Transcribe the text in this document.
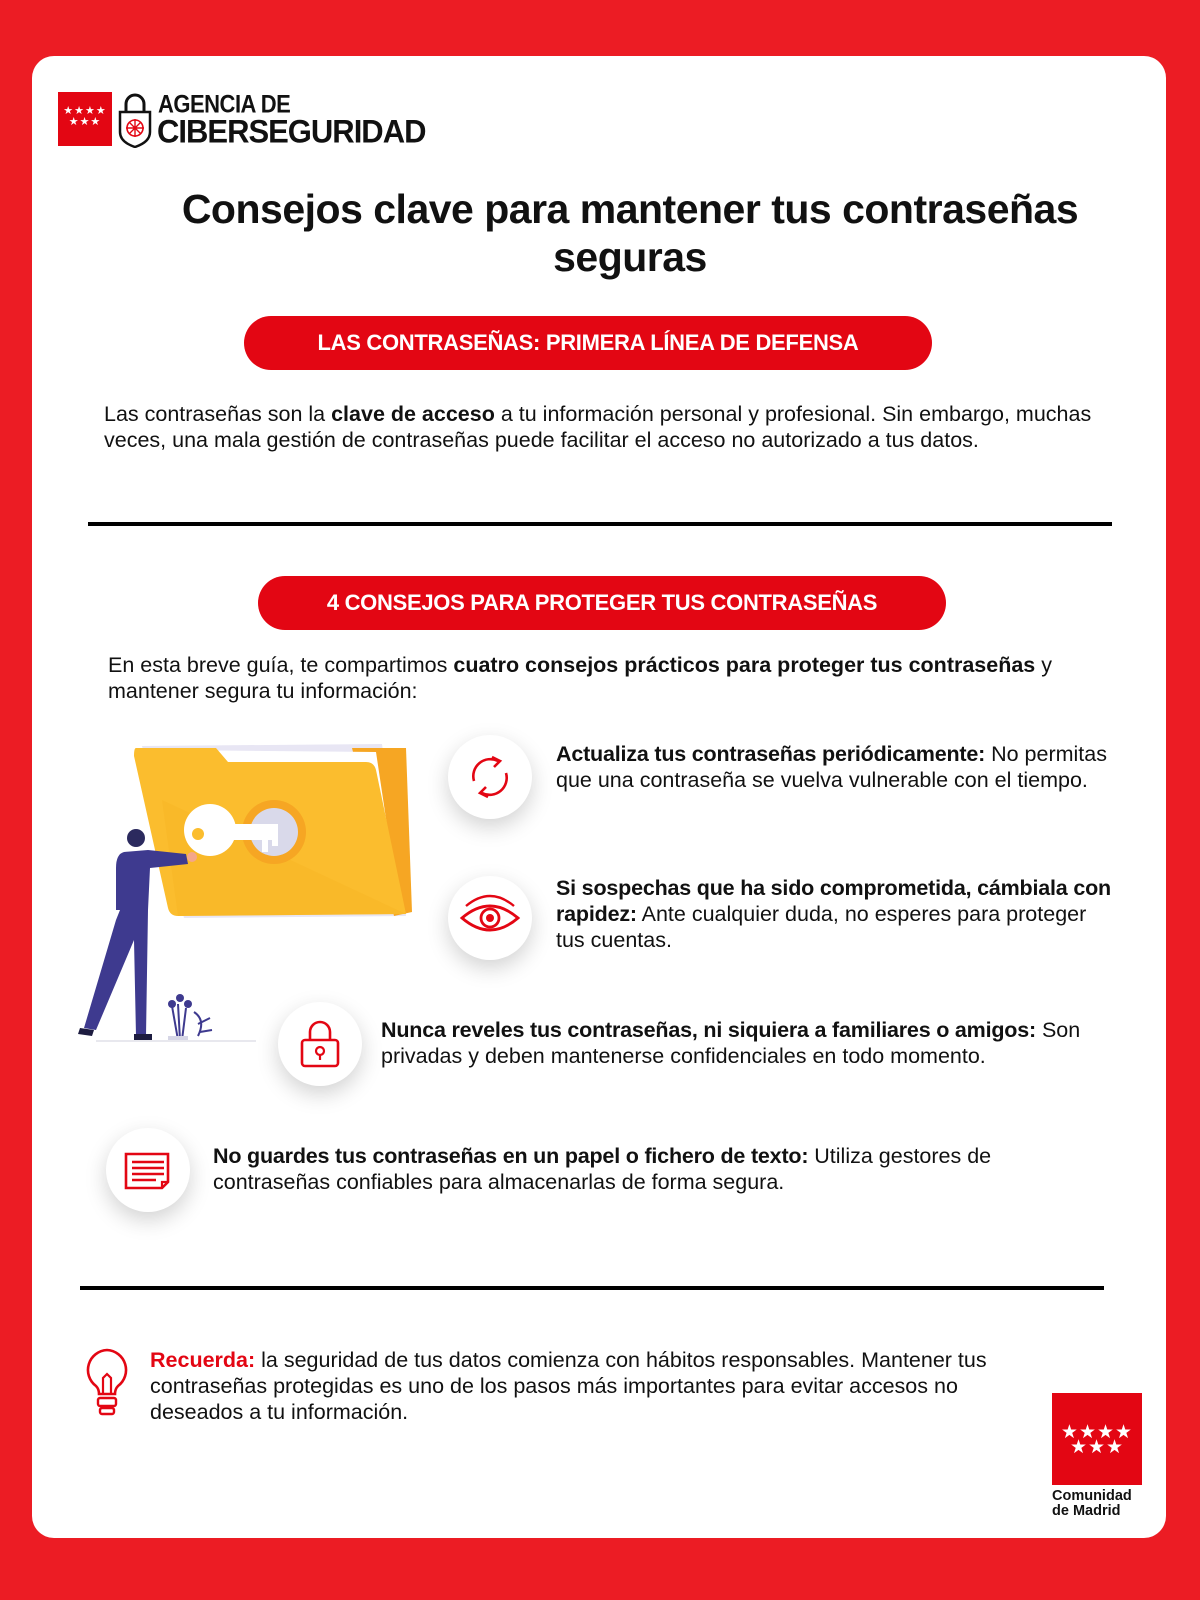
★★★★
★★★
AGENCIA DE
CIBERSEGURIDAD
Consejos clave para mantener tus contraseñas seguras
LAS CONTRASEÑAS: PRIMERA LÍNEA DE DEFENSA
Las contraseñas son la clave de acceso a tu información personal y profesional. Sin embargo, muchas veces, una mala gestión de contraseñas puede facilitar el acceso no autorizado a tus datos.
4 CONSEJOS PARA PROTEGER TUS CONTRASEÑAS
En esta breve guía, te compartimos cuatro consejos prácticos para proteger tus contraseñas y mantener segura tu información:
Actualiza tus contraseñas periódicamente: No permitas que una contraseña se vuelva vulnerable con el tiempo.
Si sospechas que ha sido comprometida, cámbiala con rapidez: Ante cualquier duda, no esperes para proteger tus cuentas.
Nunca reveles tus contraseñas, ni siquiera a familiares o amigos: Son privadas y deben mantenerse confidenciales en todo momento.
No guardes tus contraseñas en un papel o fichero de texto: Utiliza gestores de contraseñas confiables para almacenarlas de forma segura.
Recuerda: la seguridad de tus datos comienza con hábitos responsables. Mantener tus contraseñas protegidas es uno de los pasos más importantes para evitar accesos no deseados a tu información.
★★★★
★★★
Comunidad
de Madrid
